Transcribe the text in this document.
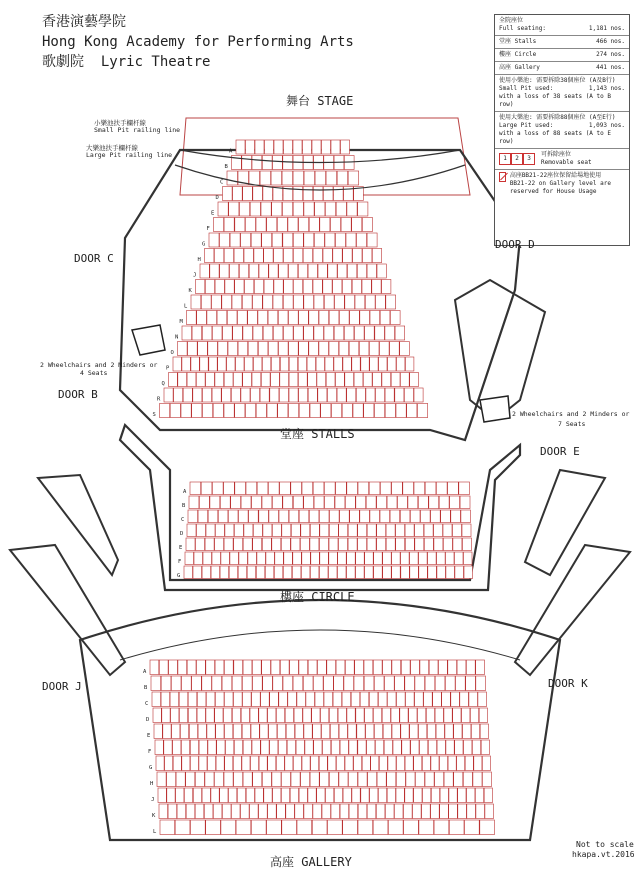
A
B
C
D
E
F
G
H
J
K
L
M
N
O
P
Q
R
S
A
B
C
D
E
F
G
A
B
C
D
E
F
G
H
J
K
L
香港演藝學院
Hong Kong Academy for Performing Arts
歌劇院 Lyric Theatre
全院座位
Full seating:	1,181 nos.
堂座 Stalls	466 nos.
樓座 Circle	274 nos.
高座 Gallery	441 nos.
使用小樂池: 需要拆除38個座位 (A及B行)
Small Pit used:	1,143 nos.
with a loss of 38 seats (A to B row)
使用大樂池: 需要拆除88個座位 (A至E行)
Large Pit used:	1,093 nos.
with a loss of 88 seats (A to E row)
1	2	3
可拆除座位
Removable seat
高座BB21-22座位保留給場地使用
BB21-22 on Gallery level are reserved for House Usage
舞台 STAGE
堂座 STALLS
樓座 CIRCLE
高座 GALLERY
DOOR C
DOOR D
DOOR B
DOOR E
DOOR J	DOOR K
小樂池扶手欄杆線
Small Pit railing line
大樂池扶手欄杆線
Large Pit railing line
2 Wheelchairs and 2 Minders or
4 Seats
2 Wheelchairs and 2 Minders or
7 Seats
Not to scale
hkapa.vt.2016
